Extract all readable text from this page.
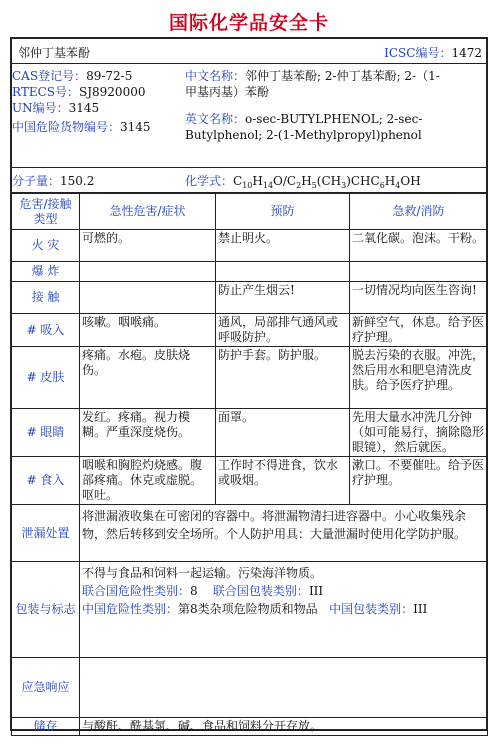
国际化学品安全卡
邻仲丁基苯酚	ICSC编号：1472
CAS登记号：89-72-5
RTECS号：SJ8920000
UN编号：3145
中国危险货物编号：3145
中文名称：邻仲丁基苯酚; 2-仲丁基苯酚; 2-（1-
甲基丙基）苯酚
英文名称：o-sec-BUTYLPHENOL; 2-sec-
Butylphenol; 2-(1-Methylpropyl)phenol
分子量：150.2	化学式：$C_{10}H_{14}O/C_2H_5(CH_3)CHC_6H_4OH$
危害/接触类型	急性危害/症状	预防	急救/消防
火 灾	可燃的。	禁止明火。	二氧化碳。泡沫。干粉。
爆 炸			
接 触		防止产生烟云!	一切情况均向医生咨询!
# 吸入	咳嗽。咽喉痛。	通风，局部排气通风或呼吸防护。	新鲜空气，休息。给予医疗护理。
# 皮肤	疼痛。水疱。皮肤烧伤。	防护手套。防护服。	脱去污染的衣服。冲洗，然后用水和肥皂清洗皮肤。给予医疗护理。
# 眼睛	发红。疼痛。视力模糊。严重深度烧伤。	面罩。	先用大量水冲洗几分钟（如可能易行，摘除隐形眼镜），然后就医。
# 食入	咽喉和胸腔灼烧感。腹部疼痛。休克或虚脱。呕吐。	工作时不得进食，饮水或吸烟。	漱口。不要催吐。给予医疗护理。
泄漏处置	将泄漏液收集在可密闭的容器中。将泄漏物清扫进容器中。小心收集残余物，然后转移到安全场所。个人防护用具：大量泄漏时使用化学防护服。		
包装与标志	不得与食品和饲料一起运输。污染海洋物质。
联合国危险性类别：8 联合国包装类别：III
中国危险性类别：第8类杂项危险物质和物品 中国包装类别：III		

应急响应			
储存	与酸酐、酰基氯、碱、食品和饲料分开存放。		
